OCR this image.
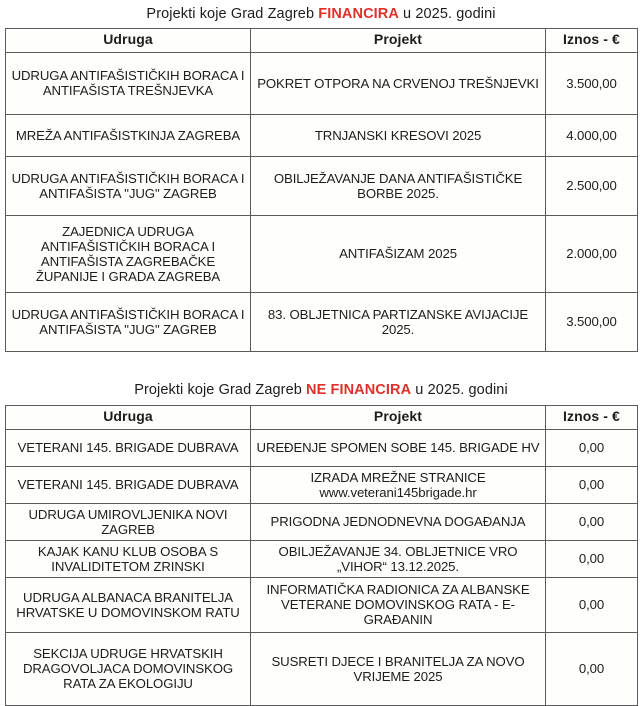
Projekti koje Grad Zagreb FINANCIRA u 2025. godini
Udruga	Projekt	Iznos - €
UDRUGA ANTIFAŠISTIČKIH BORACA I ANTIFAŠISTA TREŠNJEVKA	POKRET OTPORA NA CRVENOJ TREŠNJEVKI	3.500,00
MREŽA ANTIFAŠISTKINJA ZAGREBA	TRNJANSKI KRESOVI 2025	4.000,00
UDRUGA ANTIFAŠISTIČKIH BORACA I ANTIFAŠISTA "JUG" ZAGREB	OBILJEŽAVANJE DANA ANTIFAŠISTIČKE BORBE 2025.	2.500,00
ZAJEDNICA UDRUGA ANTIFAŠISTIČKIH BORACA I ANTIFAŠISTA ZAGREBAČKE ŽUPANIJE I GRADA ZAGREBA	ANTIFAŠIZAM 2025	2.000,00
UDRUGA ANTIFAŠISTIČKIH BORACA I ANTIFAŠISTA "JUG" ZAGREB	83. OBLJETNICA PARTIZANSKE AVIJACIJE 2025.	3.500,00
Projekti koje Grad Zagreb NE FINANCIRA u 2025. godini
Udruga	Projekt	Iznos - €
VETERANI 145. BRIGADE DUBRAVA	UREĐENJE SPOMEN SOBE 145. BRIGADE HV	0,00
VETERANI 145. BRIGADE DUBRAVA	IZRADA MREŽNE STRANICE www.veterani145brigade.hr	0,00
UDRUGA UMIROVLJENIKA NOVI ZAGREB	PRIGODNA JEDNODNEVNA DOGAĐANJA	0,00
KAJAK KANU KLUB OSOBA S INVALIDITETOM ZRINSKI	OBILJEŽAVANJE 34. OBLJETNICE VRO „VIHOR“ 13.12.2025.	0,00
UDRUGA ALBANACA BRANITELJA HRVATSKE U DOMOVINSKOM RATU	INFORMATIČKA RADIONICA ZA ALBANSKE VETERANE DOMOVINSKOG RATA - E-GRAĐANIN	0,00
SEKCIJA UDRUGE HRVATSKIH DRAGOVOLJACA DOMOVINSKOG RATA ZA EKOLOGIJU	SUSRETI DJECE I BRANITELJA ZA NOVO VRIJEME 2025	0,00
